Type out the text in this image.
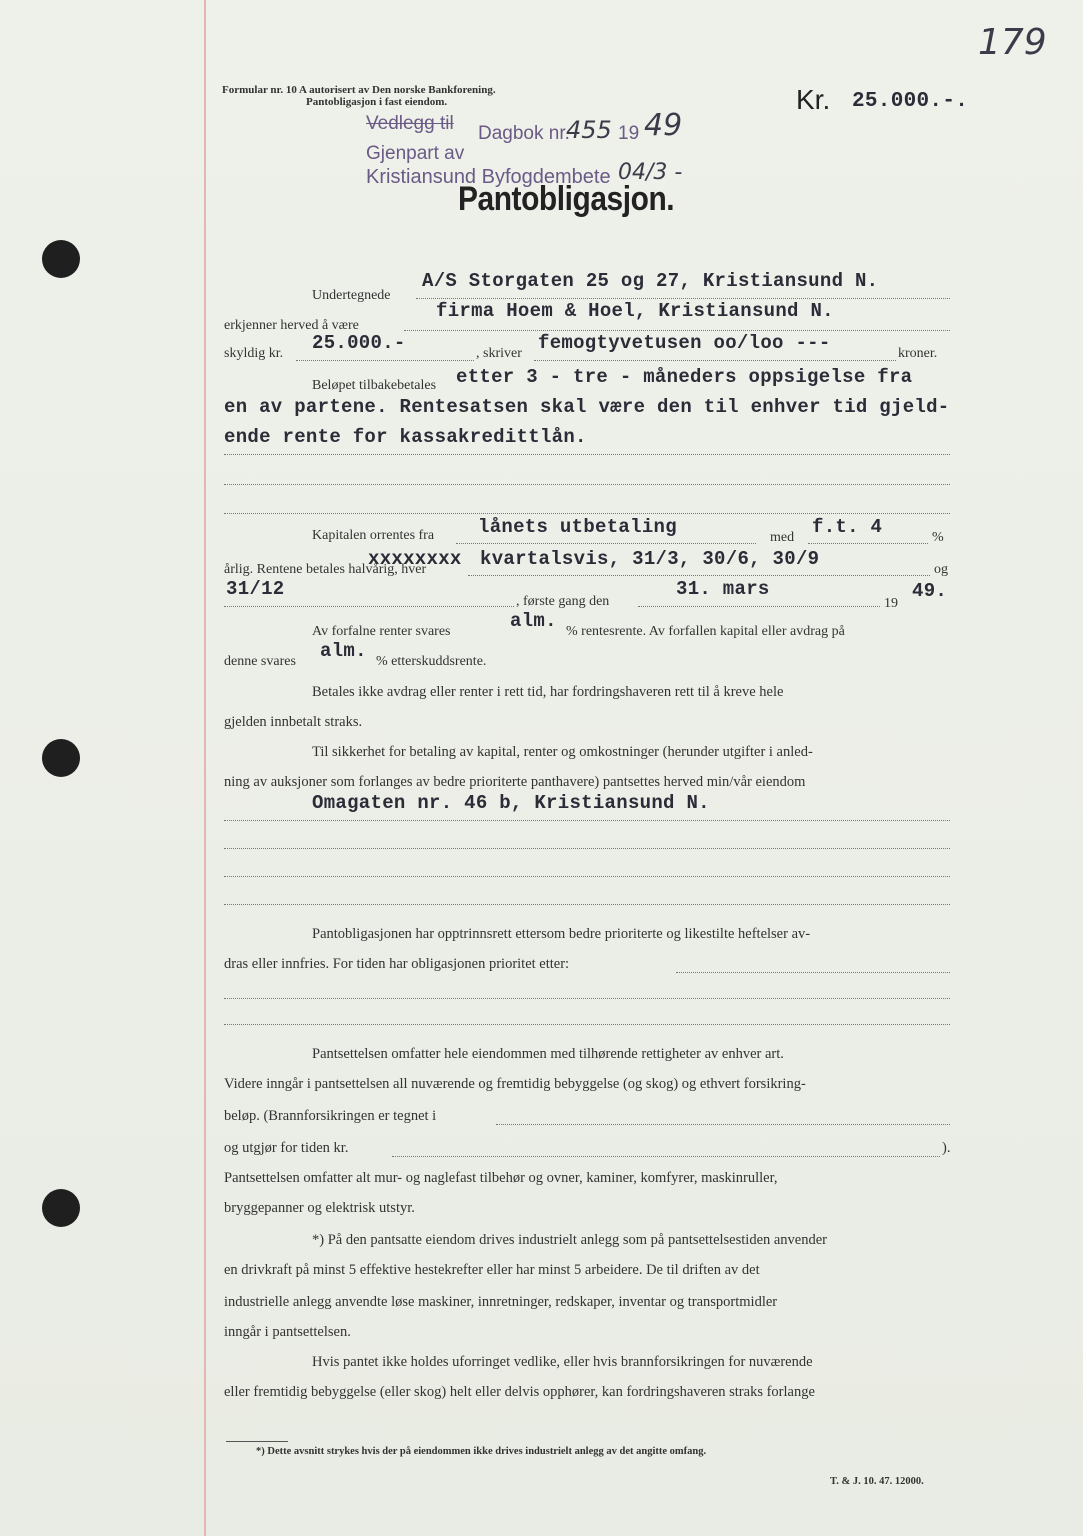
179
Formular nr. 10 A autorisert av Den norske Bankforening.
Pantobligasjon i fast eiendom.
Vedlegg til Dagbok nr.
455 19 49
Gjenpart av
Kristiansund Byfogdembete 04/3 -
Kr. 25.000.-.
Pantobligasjon.
Undertegnede
A/S Storgaten 25 og 27, Kristiansund N.
erkjenner herved å være
firma Hoem & Hoel, Kristiansund N.
skyldig kr. 25.000.-	, skriver femogtyvetusen oo/loo ---	kroner.
Beløpet tilbakebetales etter 3 - tre - måneders oppsigelse fra
en av partene. Rentesatsen skal være den til enhver tid gjeld-
ende rente for kassakredittlån.
Kapitalen orrentes fra lånets utbetaling	med f.t. 4	%
årlig. Rentene betales halvårig, hver
xxxxxxxx kvartalsvis, 31/3, 30/6, 30/9	og
31/12
, første gang den
31. mars
19
49.
Av forfalne renter svares	alm. % rentesrente. Av forfallen kapital eller avdrag på
denne svares alm. % etterskuddsrente.
Betales ikke avdrag eller renter i rett tid, har fordringshaveren rett til å kreve hele
gjelden innbetalt straks.
Til sikkerhet for betaling av kapital, renter og omkostninger (herunder utgifter i anled-
ning av auksjoner som forlanges av bedre prioriterte panthavere) pantsettes herved min/vår eiendom
Omagaten nr. 46 b, Kristiansund N.
Pantobligasjonen har opptrinnsrett ettersom bedre prioriterte og likestilte heftelser av-
dras eller innfries. For tiden har obligasjonen prioritet etter:
Pantsettelsen omfatter hele eiendommen med tilhørende rettigheter av enhver art.
Videre inngår i pantsettelsen all nuværende og fremtidig bebyggelse (og skog) og ethvert forsikring-
beløp. (Brannforsikringen er tegnet i
og utgjør for tiden kr.	).
Pantsettelsen omfatter alt mur- og naglefast tilbehør og ovner, kaminer, komfyrer, maskinruller,
bryggepanner og elektrisk utstyr.
*) På den pantsatte eiendom drives industrielt anlegg som på pantsettelsestiden anvender
en drivkraft på minst 5 effektive hestekrefter eller har minst 5 arbeidere. De til driften av det
industrielle anlegg anvendte løse maskiner, innretninger, redskaper, inventar og transportmidler
inngår i pantsettelsen.
Hvis pantet ikke holdes uforringet vedlike, eller hvis brannforsikringen for nuværende
eller fremtidig bebyggelse (eller skog) helt eller delvis opphører, kan fordringshaveren straks forlange
*) Dette avsnitt strykes hvis der på eiendommen ikke drives industrielt anlegg av det angitte omfang.
T. & J. 10. 47. 12000.
